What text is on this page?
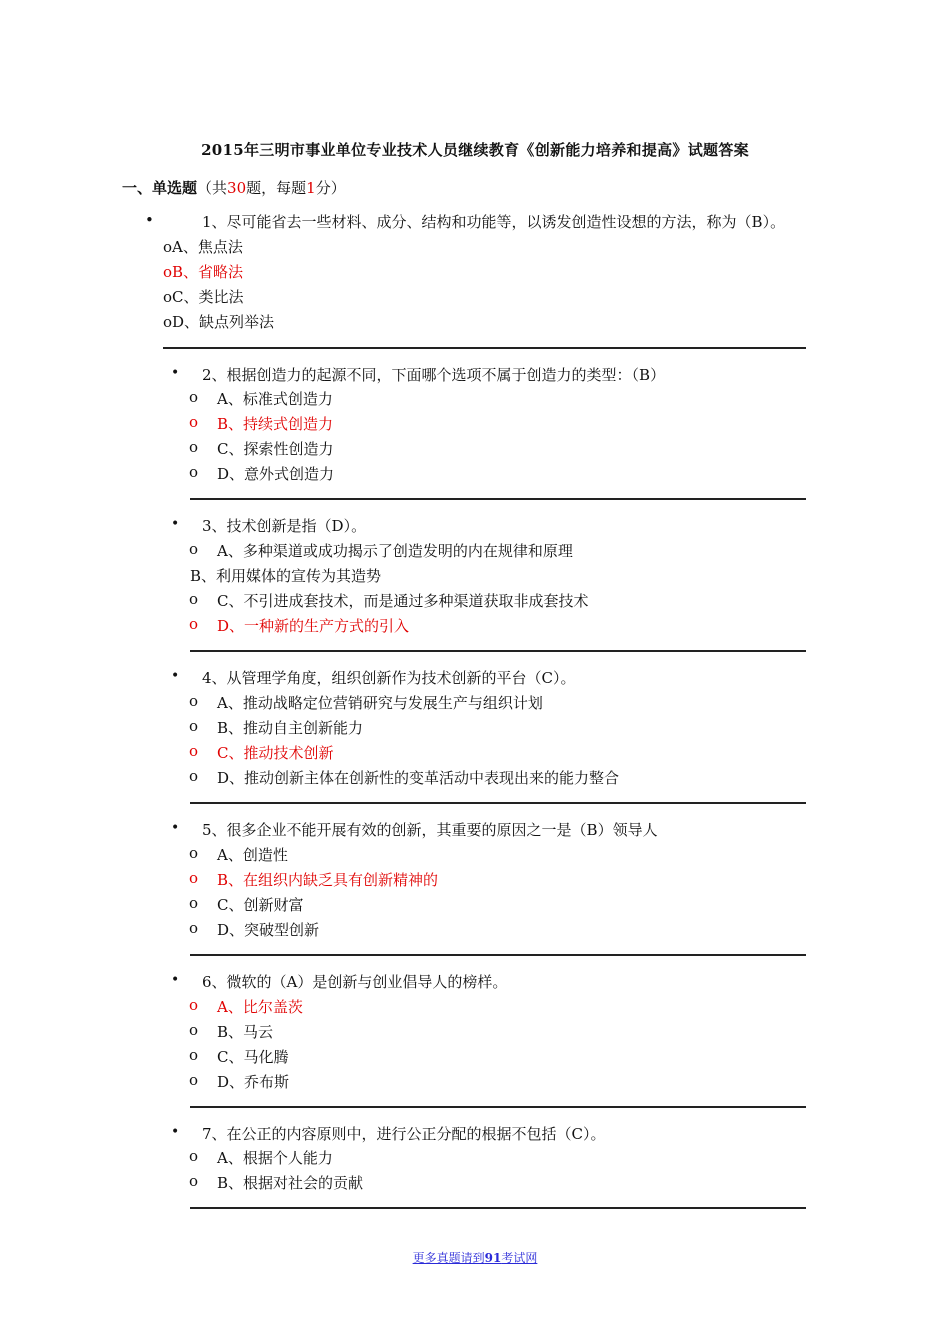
2015年三明市事业单位专业技术人员继续教育《创新能力培养和提高》试题答案
一、单选题（共30题，每题1分）
•	1、尽可能省去一些材料、成分、结构和功能等，以诱发创造性设想的方法，称为（B）。
oA、焦点法
oB、省略法
oC、类比法
oD、缺点列举法
• 2、根据创造力的起源不同，下面哪个选项不属于创造力的类型：（B）
o A、标准式创造力
o B、持续式创造力
o C、探索性创造力
o D、意外式创造力
• 3、技术创新是指（D）。
o A、多种渠道或成功揭示了创造发明的内在规律和原理
B、利用媒体的宣传为其造势
o C、不引进成套技术，而是通过多种渠道获取非成套技术
o D、一种新的生产方式的引入
• 4、从管理学角度，组织创新作为技术创新的平台（C）。
o A、推动战略定位营销研究与发展生产与组织计划
o B、推动自主创新能力
o C、推动技术创新
o D、推动创新主体在创新性的变革活动中表现出来的能力整合
• 5、很多企业不能开展有效的创新，其重要的原因之一是（B）领导人
o A、创造性
o B、在组织内缺乏具有创新精神的
o C、创新财富
o D、突破型创新
• 6、微软的（A）是创新与创业倡导人的榜样。
o A、比尔盖茨
o B、马云
o C、马化腾
o D、乔布斯
• 7、在公正的内容原则中，进行公正分配的根据不包括（C）。
o A、根据个人能力
o B、根据对社会的贡献
更多真题请到91考试网
